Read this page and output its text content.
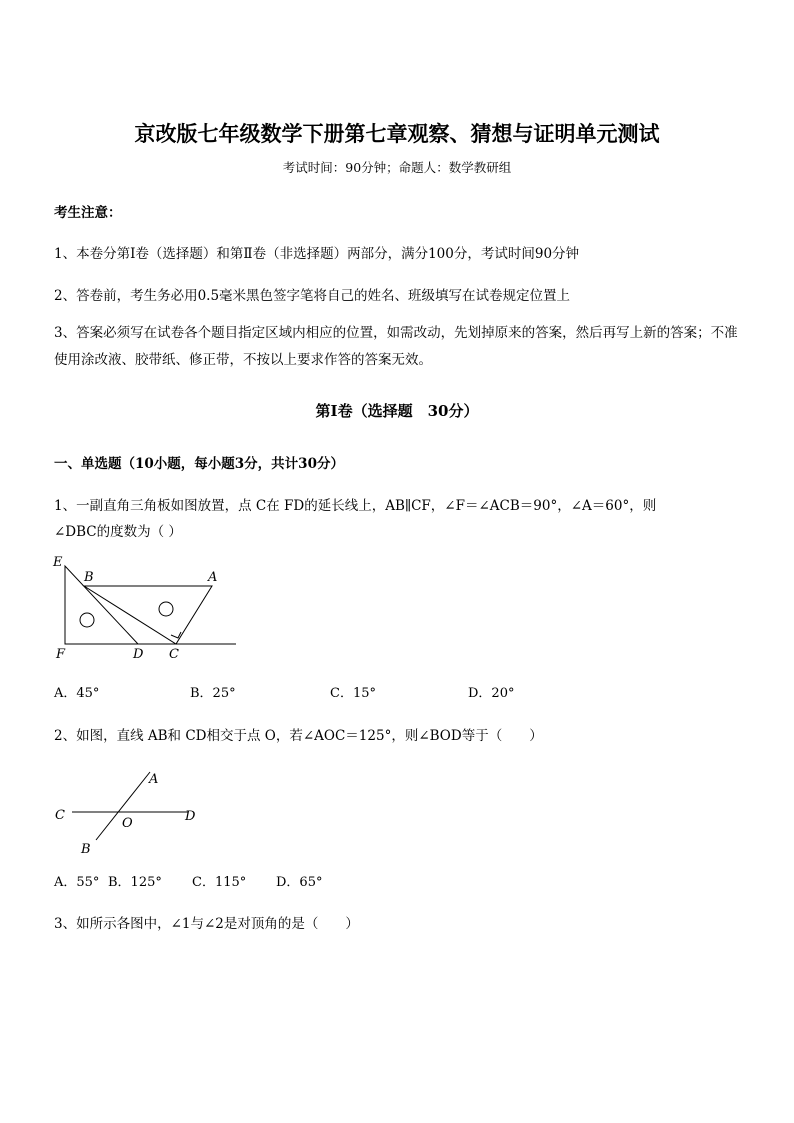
京改版七年级数学下册第七章观察、猜想与证明单元测试
考试时间：90分钟；命题人：数学教研组
考生注意：
1、本卷分第Ⅰ卷（选择题）和第Ⅱ卷（非选择题）两部分，满分100分，考试时间90分钟
2、答卷前，考生务必用0.5毫米黑色签字笔将自己的姓名、班级填写在试卷规定位置上
3、答案必须写在试卷各个题目指定区域内相应的位置，如需改动，先划掉原来的答案，然后再写上新的答案；不准使用涂改液、胶带纸、修正带，不按以上要求作答的答案无效。
第Ⅰ卷（选择题　30分）
一、单选题（10小题，每小题3分，共计30分）
1、一副直角三角板如图放置，点 C在 FD的延长线上，AB∥CF，∠F＝∠ACB＝90°，∠A＝60°，则
∠DBC的度数为（ ）
E
B	A
F	D C
A．45°	B．25°	C．15°	D．20°
2、如图，直线 AB和 CD相交于点 O，若∠AOC＝125°，则∠BOD等于（　　）
A
C
O	D
B
A．55° B．125° C．115° D．65°
3、如所示各图中，∠1与∠2是对顶角的是（　　）
